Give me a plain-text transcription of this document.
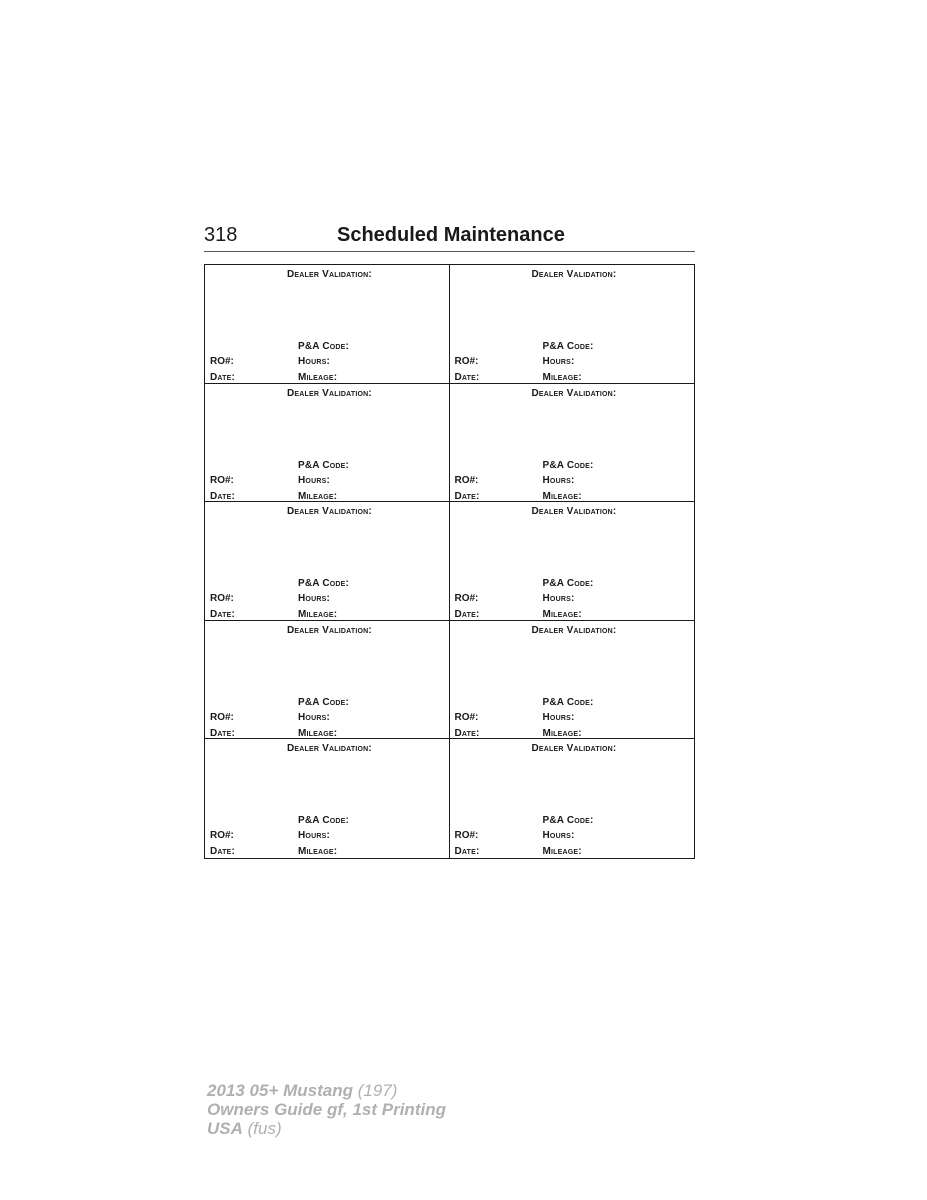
318	Scheduled Maintenance
Dealer Validation:
P&A Code:
RO#:	Hours:
Date:	Mileage:
Dealer Validation:
P&A Code:
RO#:	Hours:
Date:	Mileage:
Dealer Validation:
P&A Code:
RO#:	Hours:
Date:	Mileage:
Dealer Validation:
P&A Code:
RO#:	Hours:
Date:	Mileage:
Dealer Validation:
P&A Code:
RO#:	Hours:
Date:	Mileage:
Dealer Validation:
P&A Code:
RO#:	Hours:
Date:	Mileage:
Dealer Validation:
P&A Code:
RO#:	Hours:
Date:	Mileage:
Dealer Validation:
P&A Code:
RO#:	Hours:
Date:	Mileage:
Dealer Validation:
P&A Code:
RO#:	Hours:
Date:	Mileage:
Dealer Validation:
P&A Code:
RO#:	Hours:
Date:	Mileage:
2013 05+ Mustang (197)
Owners Guide gf, 1st Printing
USA (fus)
